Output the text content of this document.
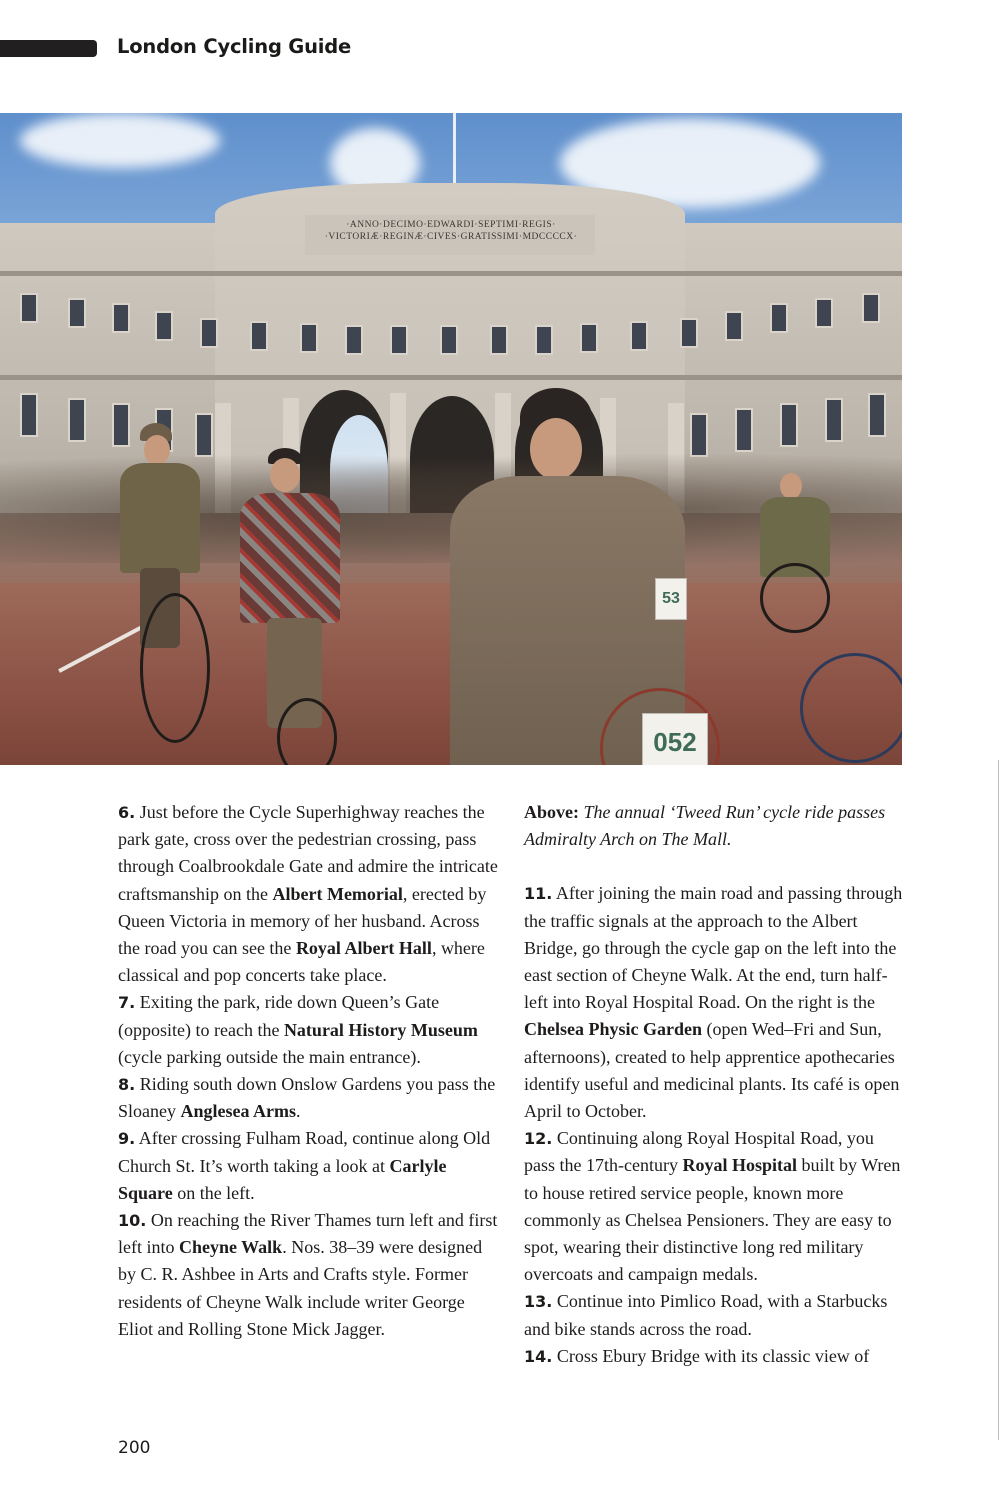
London Cycling Guide
·ANNO·DECIMO·EDWARDI·SEPTIMI·REGIS·
·VICTORIÆ·REGINÆ·CIVES·GRATISSIMI·MDCCCCX·
052
53

6. Just before the Cycle Superhighway reaches the park gate, cross over the pedestrian crossing, pass through Coalbrookdale Gate and admire the intricate craftsmanship on the Albert Memorial, erected by Queen Victoria in memory of her husband. Across the road you can see the Royal Albert Hall, where classical and pop concerts take place.

7. Exiting the park, ride down Queen’s Gate (opposite) to reach the Natural History Museum (cycle parking outside the main entrance).

8. Riding south down Onslow Gardens you pass the Sloaney Anglesea Arms.

9. After crossing Fulham Road, continue along Old Church St. It’s worth taking a look at Carlyle Square on the left.

10. On reaching the River Thames turn left and first left into Cheyne Walk. Nos. 38–39 were designed by C. R. Ashbee in Arts and Crafts style. Former residents of Cheyne Walk include writer George Eliot and Rolling Stone Mick Jagger.

Above: The annual ‘Tweed Run’ cycle ride passes Admiralty Arch on The Mall.

11. After joining the main road and passing through the traffic signals at the approach to the Albert Bridge, go through the cycle gap on the left into the east section of Cheyne Walk. At the end, turn half-left into Royal Hospital Road. On the right is the Chelsea Physic Garden (open Wed–Fri and Sun, afternoons), created to help apprentice apothecaries identify useful and medicinal plants. Its café is open April to October.

12. Continuing along Royal Hospital Road, you pass the 17th-century Royal Hospital built by Wren to house retired service people, known more commonly as Chelsea Pensioners. They are easy to spot, wearing their distinctive long red military overcoats and campaign medals.

13. Continue into Pimlico Road, with a Starbucks and bike stands across the road.

14. Cross Ebury Bridge with its classic view of

200
